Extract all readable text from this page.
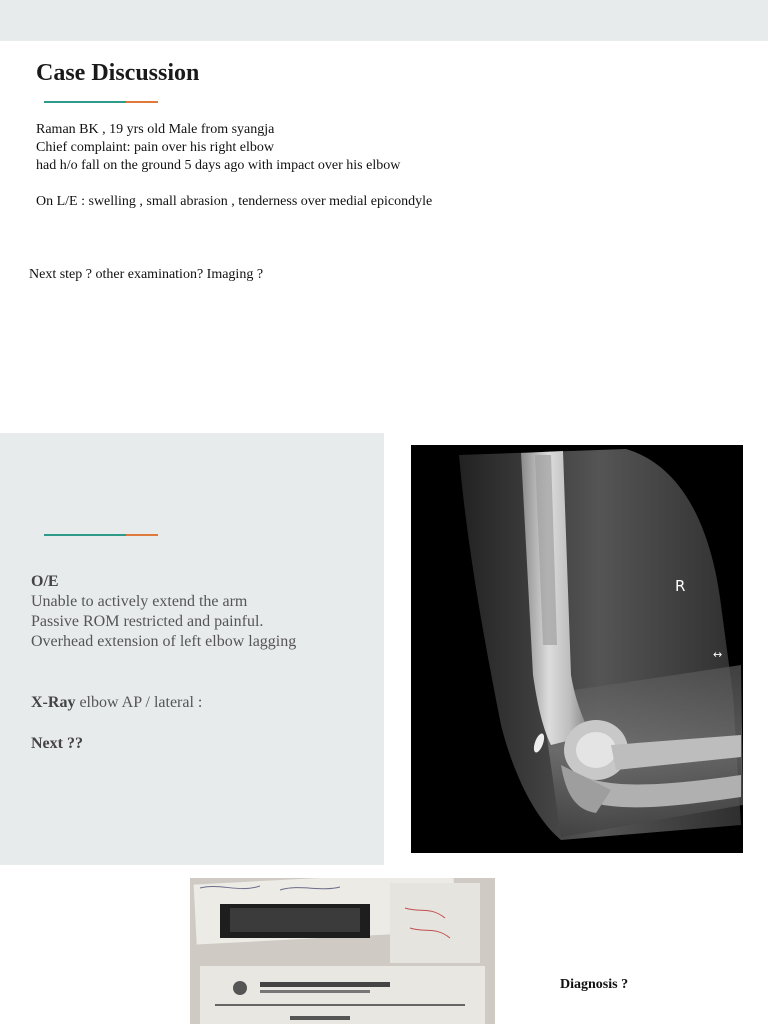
Case Discussion
Raman BK , 19 yrs old Male from syangja
Chief complaint: pain over his right elbow
had h/o fall on the ground 5 days ago with impact over his elbow
On L/E : swelling , small abrasion , tenderness over medial epicondyle
Next step ? other examination? Imaging ?
O/E
Unable to actively extend the arm
Passive ROM restricted and painful.
Overhead extension of left elbow lagging
X-Ray elbow AP / lateral :
Next ??
R
↔
Diagnosis ?
